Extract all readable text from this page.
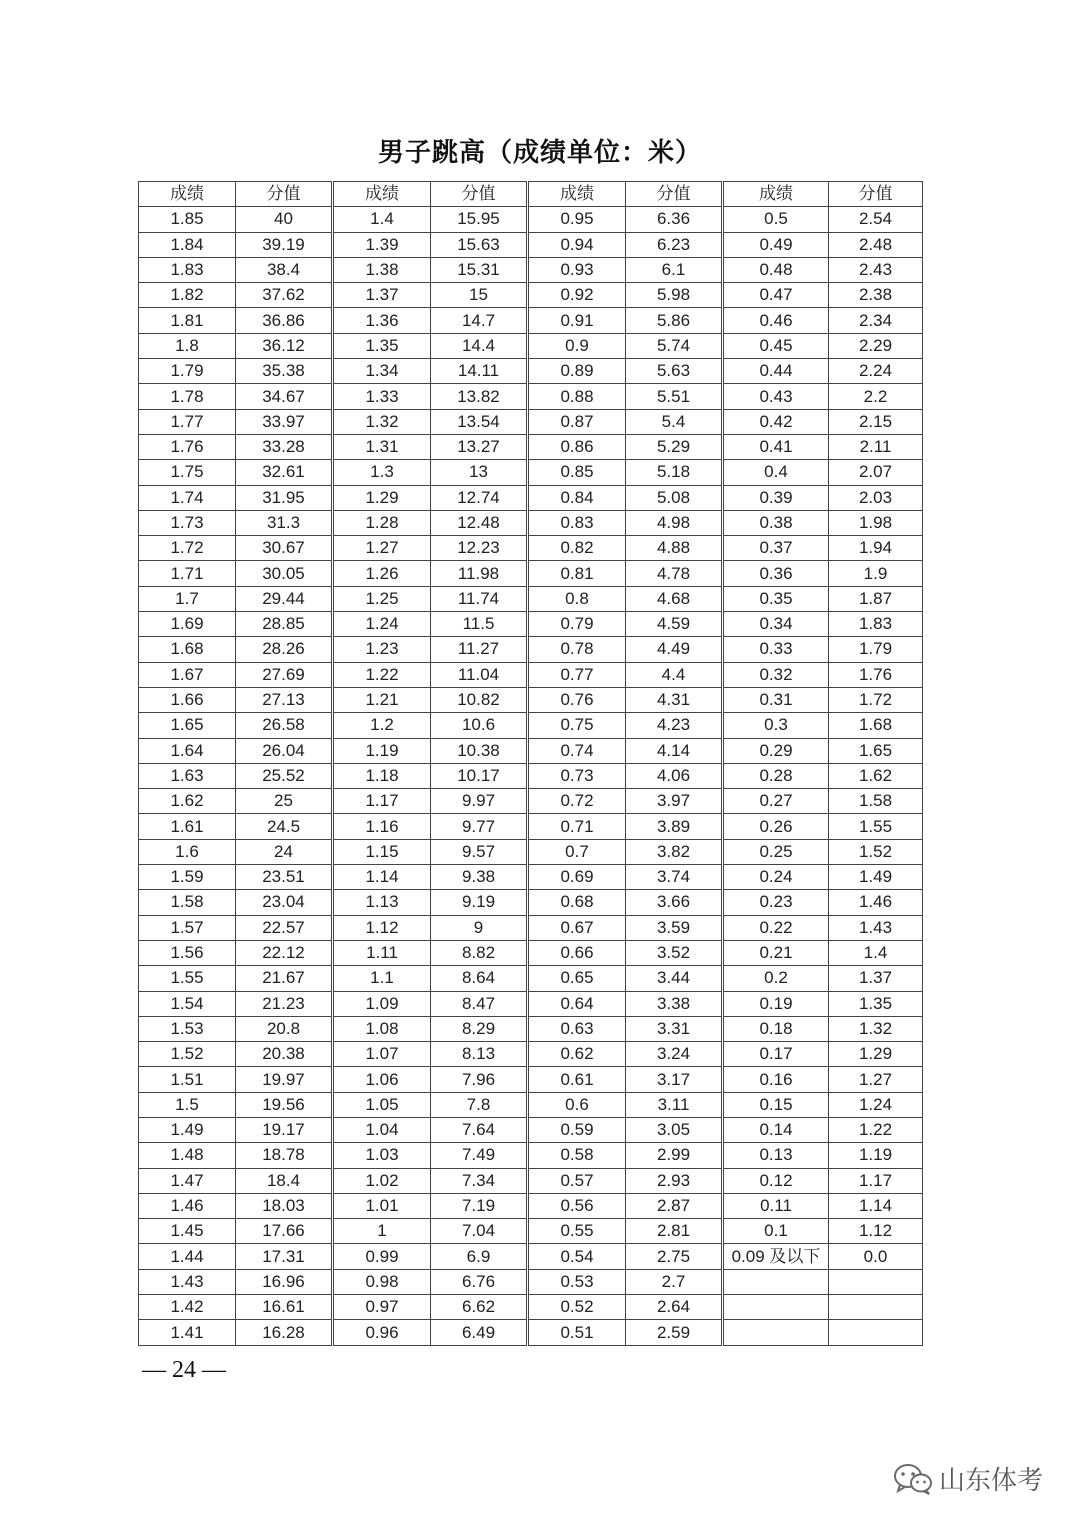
男子跳高（成绩单位：米）
成绩	分值	成绩	分值	成绩	分值	成绩	分值
1.85	40	1.4	15.95	0.95	6.36	0.5	2.54
1.84	39.19	1.39	15.63	0.94	6.23	0.49	2.48
1.83	38.4	1.38	15.31	0.93	6.1	0.48	2.43
1.82	37.62	1.37	15	0.92	5.98	0.47	2.38
1.81	36.86	1.36	14.7	0.91	5.86	0.46	2.34
1.8	36.12	1.35	14.4	0.9	5.74	0.45	2.29
1.79	35.38	1.34	14.11	0.89	5.63	0.44	2.24
1.78	34.67	1.33	13.82	0.88	5.51	0.43	2.2
1.77	33.97	1.32	13.54	0.87	5.4	0.42	2.15
1.76	33.28	1.31	13.27	0.86	5.29	0.41	2.11
1.75	32.61	1.3	13	0.85	5.18	0.4	2.07
1.74	31.95	1.29	12.74	0.84	5.08	0.39	2.03
1.73	31.3	1.28	12.48	0.83	4.98	0.38	1.98
1.72	30.67	1.27	12.23	0.82	4.88	0.37	1.94
1.71	30.05	1.26	11.98	0.81	4.78	0.36	1.9
1.7	29.44	1.25	11.74	0.8	4.68	0.35	1.87
1.69	28.85	1.24	11.5	0.79	4.59	0.34	1.83
1.68	28.26	1.23	11.27	0.78	4.49	0.33	1.79
1.67	27.69	1.22	11.04	0.77	4.4	0.32	1.76
1.66	27.13	1.21	10.82	0.76	4.31	0.31	1.72
1.65	26.58	1.2	10.6	0.75	4.23	0.3	1.68
1.64	26.04	1.19	10.38	0.74	4.14	0.29	1.65
1.63	25.52	1.18	10.17	0.73	4.06	0.28	1.62
1.62	25	1.17	9.97	0.72	3.97	0.27	1.58
1.61	24.5	1.16	9.77	0.71	3.89	0.26	1.55
1.6	24	1.15	9.57	0.7	3.82	0.25	1.52
1.59	23.51	1.14	9.38	0.69	3.74	0.24	1.49
1.58	23.04	1.13	9.19	0.68	3.66	0.23	1.46
1.57	22.57	1.12	9	0.67	3.59	0.22	1.43
1.56	22.12	1.11	8.82	0.66	3.52	0.21	1.4
1.55	21.67	1.1	8.64	0.65	3.44	0.2	1.37
1.54	21.23	1.09	8.47	0.64	3.38	0.19	1.35
1.53	20.8	1.08	8.29	0.63	3.31	0.18	1.32
1.52	20.38	1.07	8.13	0.62	3.24	0.17	1.29
1.51	19.97	1.06	7.96	0.61	3.17	0.16	1.27
1.5	19.56	1.05	7.8	0.6	3.11	0.15	1.24
1.49	19.17	1.04	7.64	0.59	3.05	0.14	1.22
1.48	18.78	1.03	7.49	0.58	2.99	0.13	1.19
1.47	18.4	1.02	7.34	0.57	2.93	0.12	1.17
1.46	18.03	1.01	7.19	0.56	2.87	0.11	1.14
1.45	17.66	1	7.04	0.55	2.81	0.1	1.12
1.44	17.31	0.99	6.9	0.54	2.75	0.09 及以下	0.0
1.43	16.96	0.98	6.76	0.53	2.7		
1.42	16.61	0.97	6.62	0.52	2.64		
1.41	16.28	0.96	6.49	0.51	2.59		
— 24 —
山东体考
